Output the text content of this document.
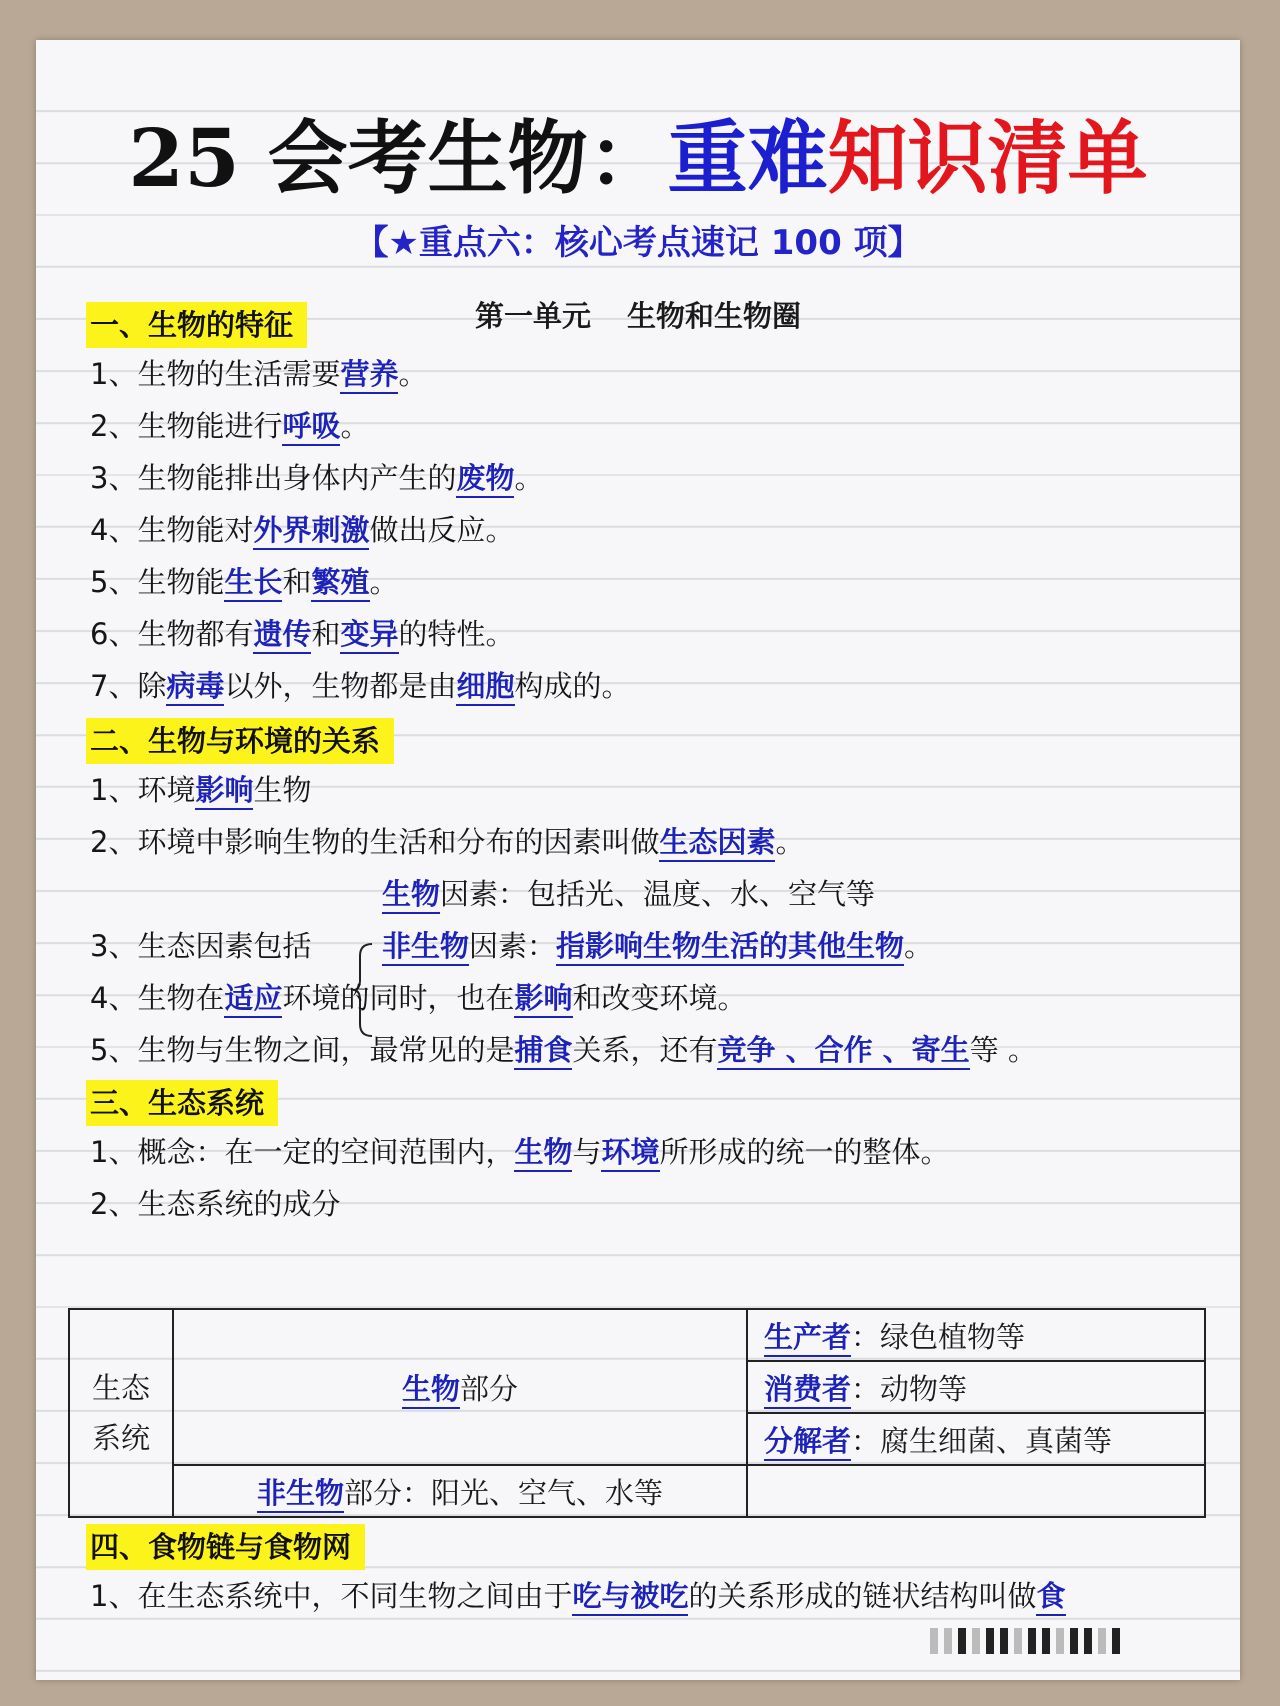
25 会考生物：重难知识清单
【★重点六：核心考点速记 100 项】
第一单元 生物和生物圈
一、生物的特征
1、生物的生活需要营养。
2、生物能进行呼吸。
3、生物能排出身体内产生的废物。
4、生物能对外界刺激做出反应。
5、生物能生长和繁殖。
6、生物都有遗传和变异的特性。
7、除病毒以外，生物都是由细胞构成的。
二、生物与环境的关系
1、环境影响生物
2、环境中影响生物的生活和分布的因素叫做生态因素。
生物因素：包括光、温度、水、空气等
3、生态因素包括 非生物因素：指影响生物生活的其他生物。
4、生物在适应环境的同时，也在影响和改变环境。
5、生物与生物之间，最常见的是捕食关系，还有竞争 、合作 、寄生等 。
三、生态系统
1、概念：在一定的空间范围内，生物与环境所形成的统一的整体。
2、生态系统的成分
生态
系统	生物部分	生产者：绿色植物等
		消费者：动物等
		分解者：腐生细菌、真菌等
	非生物部分：阳光、空气、水等	
四、食物链与食物网
1、在生态系统中，不同生物之间由于吃与被吃的关系形成的链状结构叫做食
